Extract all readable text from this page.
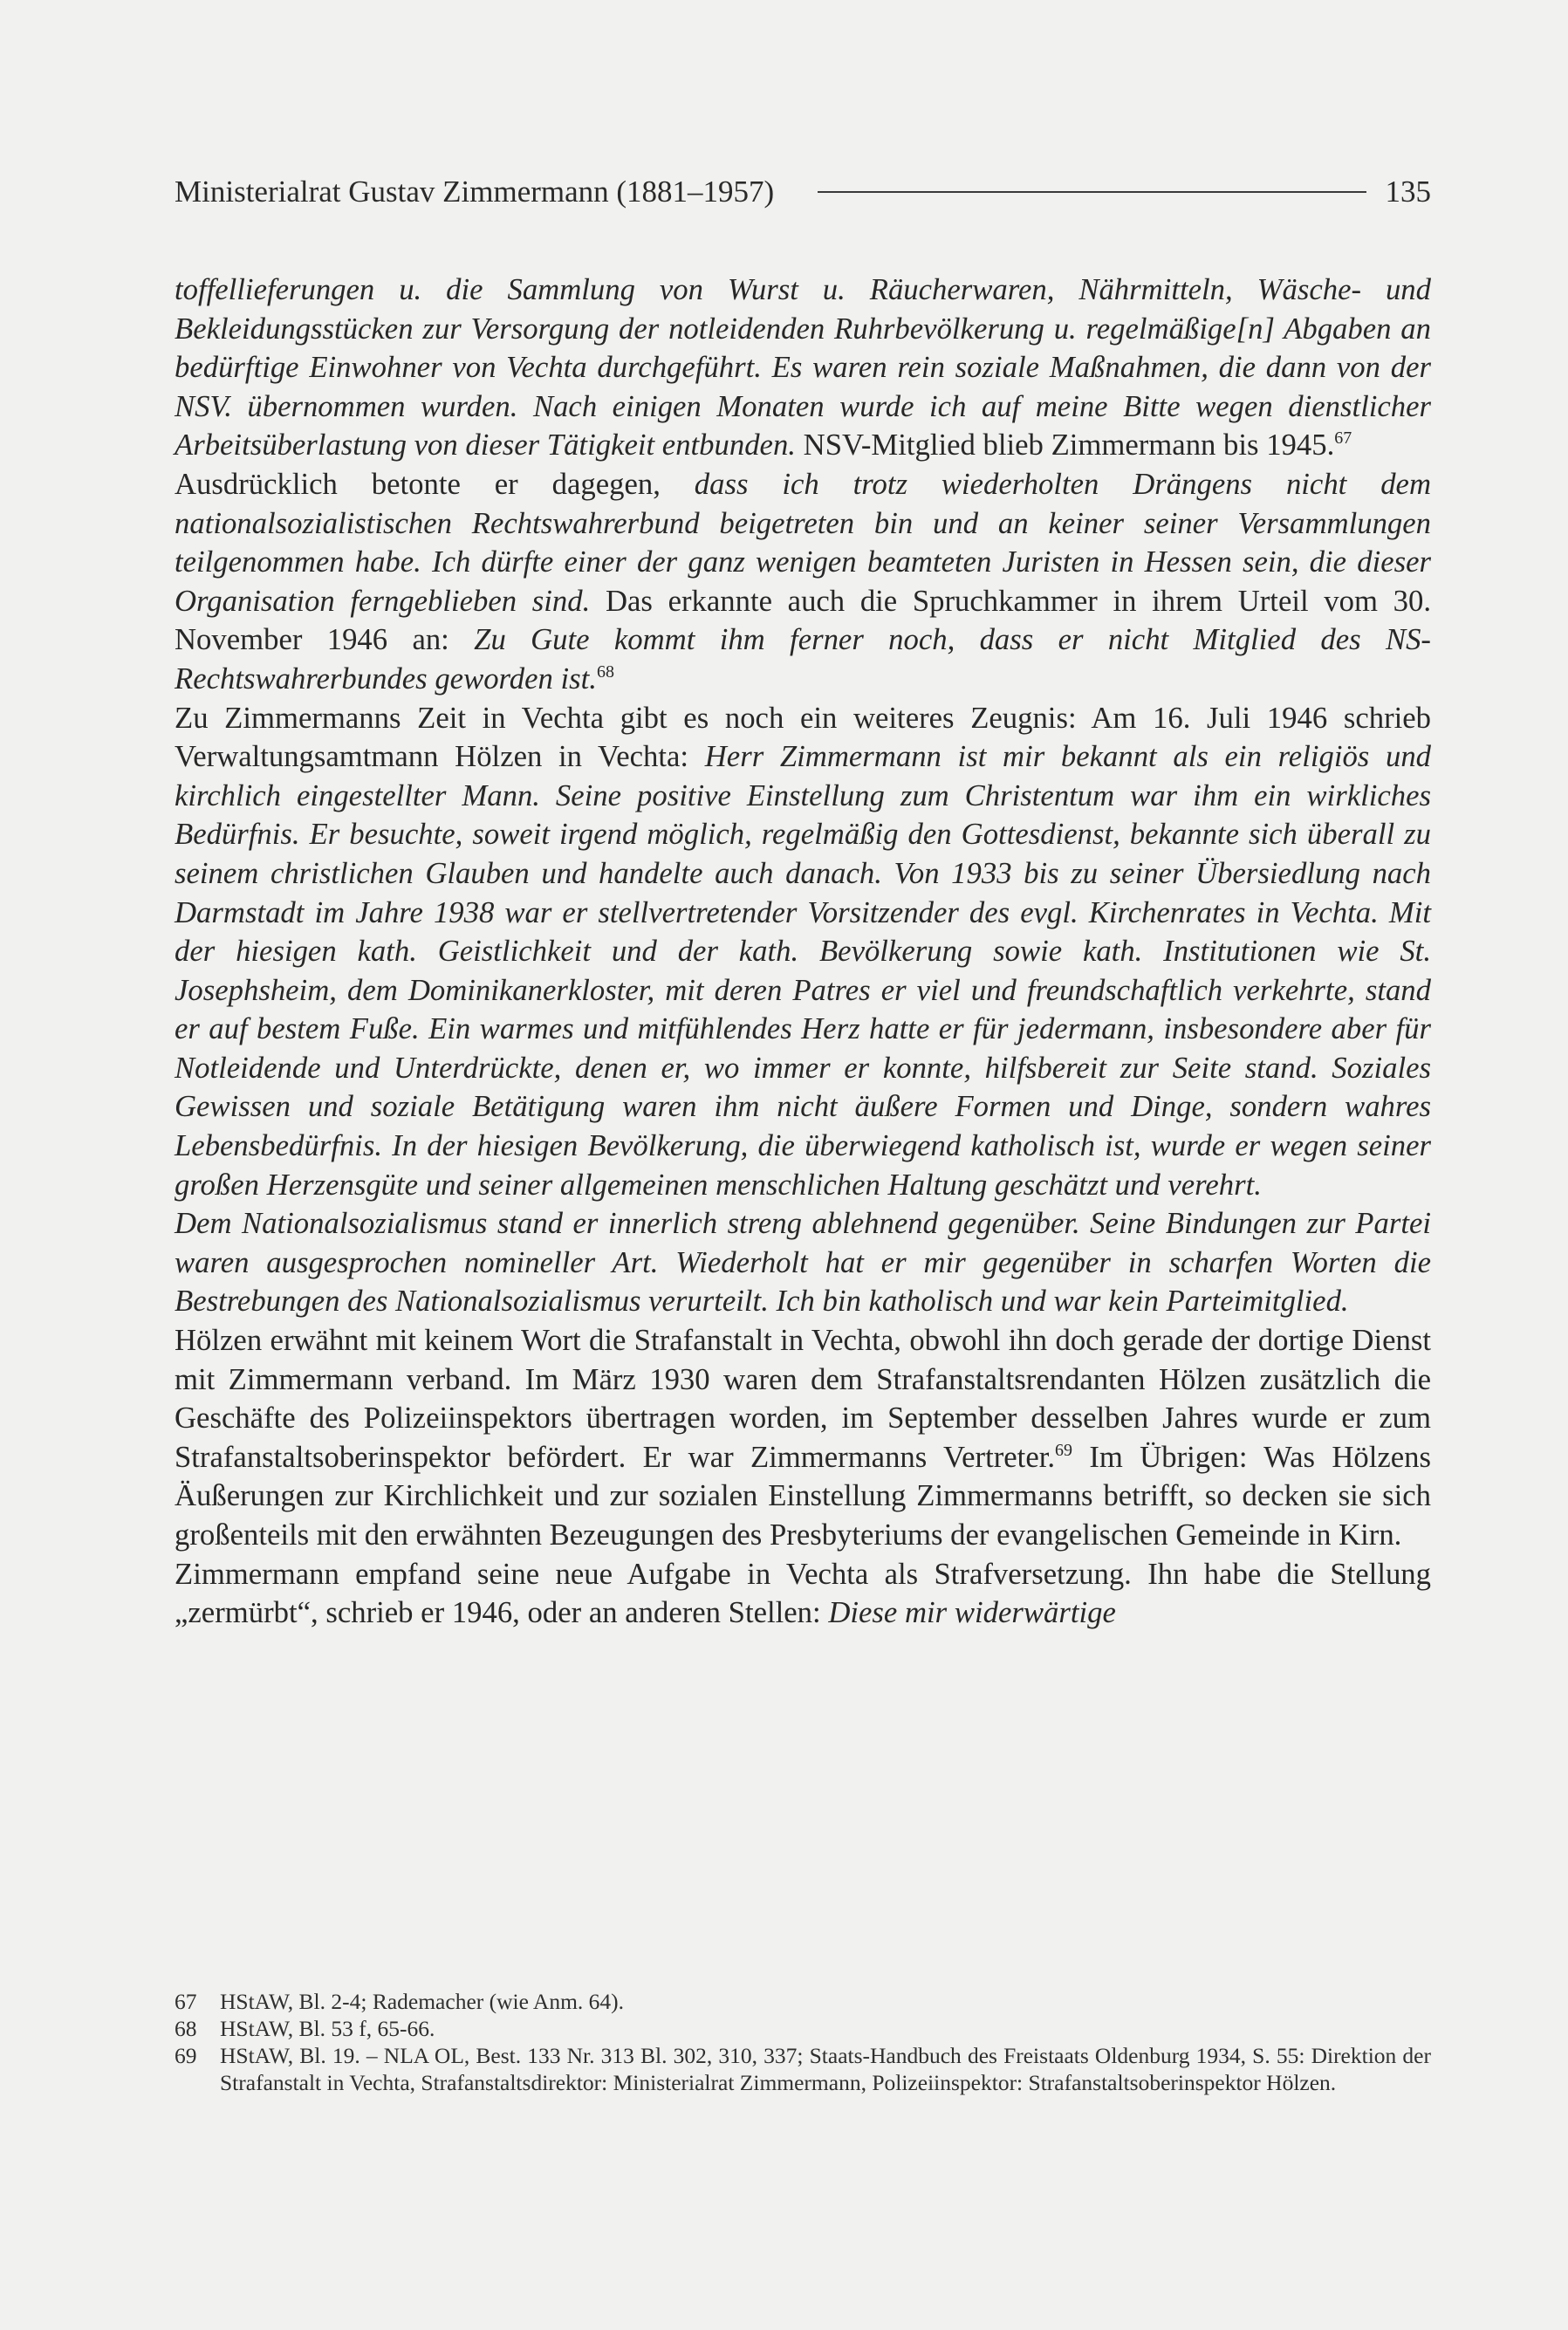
Ministerialrat Gustav Zimmermann (1881–1957)	135

toffellieferungen u. die Sammlung von Wurst u. Räucherwaren, Nährmitteln, Wäsche- und Bekleidungsstücken zur Versorgung der notleidenden Ruhrbevölkerung u. regelmäßige[n] Abgaben an bedürftige Einwohner von Vechta durchgeführt. Es waren rein soziale Maßnahmen, die dann von der NSV. übernommen wurden. Nach einigen Monaten wurde ich auf meine Bitte wegen dienstlicher Arbeitsüberlastung von dieser Tätigkeit entbunden. NSV-Mitglied blieb Zimmermann bis 1945.67

Ausdrücklich betonte er dagegen, dass ich trotz wiederholten Drängens nicht dem nationalsozialistischen Rechtswahrerbund beigetreten bin und an keiner seiner Versammlungen teilgenommen habe. Ich dürfte einer der ganz wenigen beamteten Juristen in Hessen sein, die dieser Organisation ferngeblieben sind. Das erkannte auch die Spruchkammer in ihrem Urteil vom 30. November 1946 an: Zu Gute kommt ihm ferner noch, dass er nicht Mitglied des NS-Rechtswahrerbundes geworden ist.$^{68}$

Zu Zimmermanns Zeit in Vechta gibt es noch ein weiteres Zeugnis: Am 16. Juli 1946 schrieb Verwaltungsamtmann Hölzen in Vechta: Herr Zimmermann ist mir bekannt als ein religiös und kirchlich eingestellter Mann. Seine positive Einstellung zum Christentum war ihm ein wirkliches Bedürfnis. Er besuchte, soweit irgend möglich, regelmäßig den Gottesdienst, bekannte sich überall zu seinem christlichen Glauben und handelte auch danach. Von 1933 bis zu seiner Übersiedlung nach Darmstadt im Jahre 1938 war er stellvertretender Vorsitzender des evgl. Kirchenrates in Vechta. Mit der hiesigen kath. Geistlichkeit und der kath. Bevölkerung sowie kath. Institutionen wie St. Josephsheim, dem Dominikanerkloster, mit deren Patres er viel und freundschaftlich verkehrte, stand er auf bestem Fuße. Ein warmes und mitfühlendes Herz hatte er für jedermann, insbesondere aber für Notleidende und Unterdrückte, denen er, wo immer er konnte, hilfsbereit zur Seite stand. Soziales Gewissen und soziale Betätigung waren ihm nicht äußere Formen und Dinge, sondern wahres Lebensbedürfnis. In der hiesigen Bevölkerung, die überwiegend katholisch ist, wurde er wegen seiner großen Herzensgüte und seiner allgemeinen menschlichen Haltung geschätzt und verehrt.

Dem Nationalsozialismus stand er innerlich streng ablehnend gegenüber. Seine Bindungen zur Partei waren ausgesprochen nomineller Art. Wiederholt hat er mir gegenüber in scharfen Worten die Bestrebungen des Nationalsozialismus verurteilt. Ich bin katholisch und war kein Parteimitglied.

Hölzen erwähnt mit keinem Wort die Strafanstalt in Vechta, obwohl ihn doch gerade der dortige Dienst mit Zimmermann verband. Im März 1930 waren dem Strafanstaltsrendanten Hölzen zusätzlich die Geschäfte des Polizeiinspektors übertragen worden, im September desselben Jahres wurde er zum Strafanstaltsoberinspektor befördert. Er war Zimmermanns Vertreter.$^{69}$ Im Übrigen: Was Hölzens Äußerungen zur Kirchlichkeit und zur sozialen Einstellung Zimmermanns betrifft, so decken sie sich großenteils mit den erwähnten Bezeugungen des Presbyteriums der evangelischen Gemeinde in Kirn.

Zimmermann empfand seine neue Aufgabe in Vechta als Strafversetzung. Ihn habe die Stellung „zermürbt“, schrieb er 1946, oder an anderen Stellen: Diese mir widerwärtige

67	HStAW, Bl. 2-4; Rademacher (wie Anm. 64).
68	HStAW, Bl. 53 f, 65-66.
69	HStAW, Bl. 19. – NLA OL, Best. 133 Nr. 313 Bl. 302, 310, 337; Staats-Handbuch des Freistaats Oldenburg 1934, S. 55: Direktion der Strafanstalt in Vechta, Strafanstaltsdirektor: Ministerialrat Zimmermann, Polizeiinspektor: Strafanstaltsoberinspektor Hölzen.
